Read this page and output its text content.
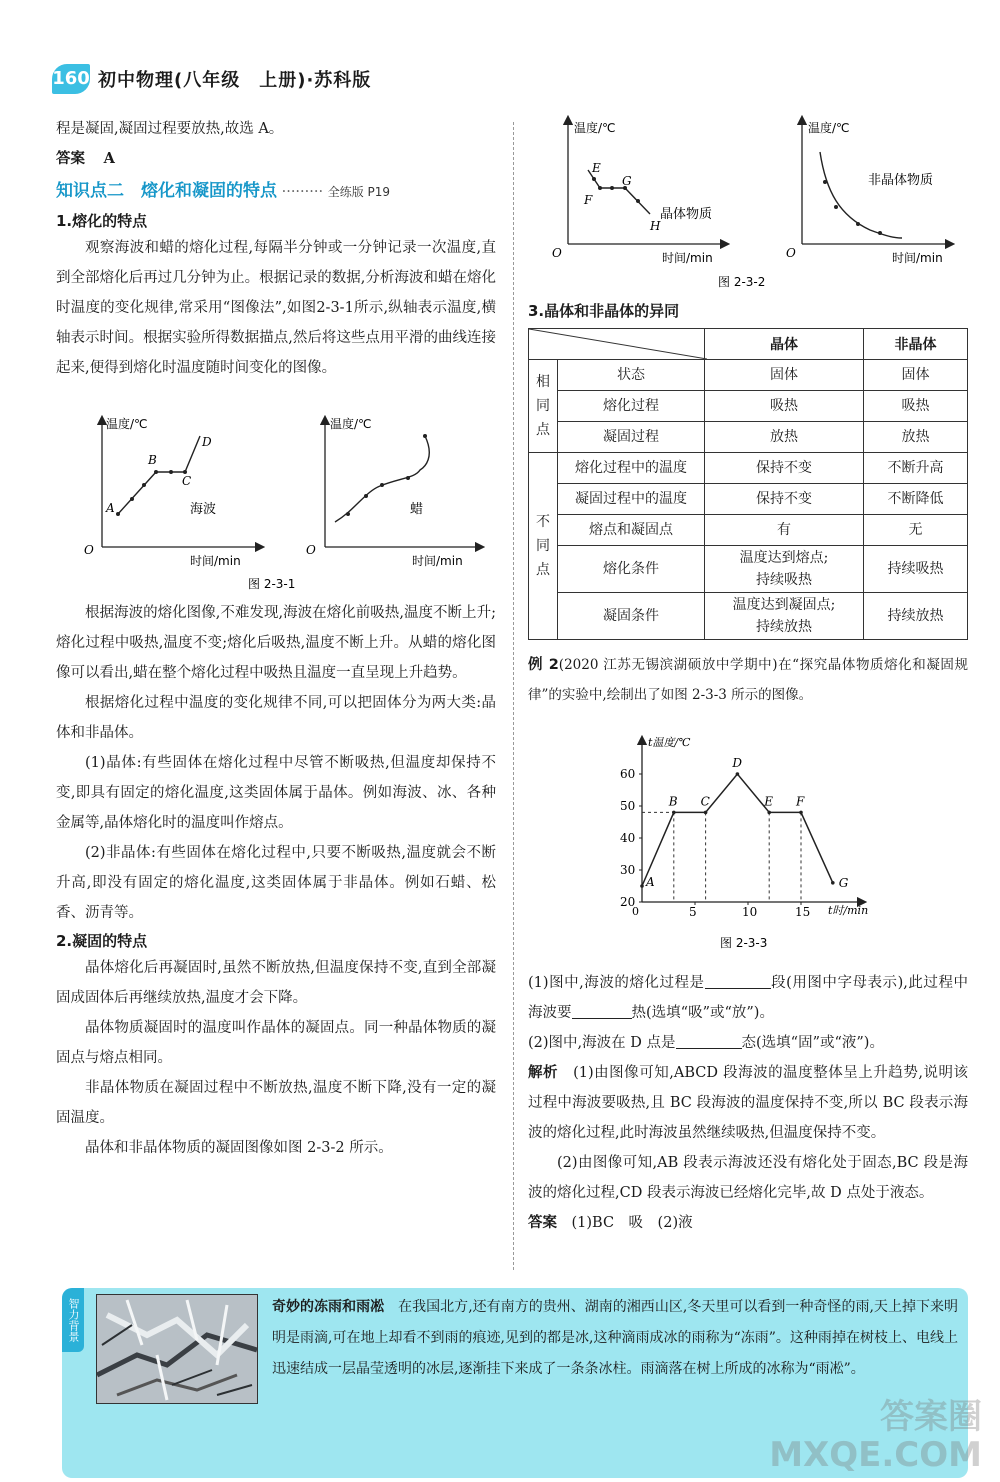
160 初中物理(八年级　上册)·苏科版

程是凝固,凝固过程要放热,故选 A。

答案 A
知识点二　熔化和凝固的特点 ········· 全练版 P19
1.熔化的特点

观察海波和蜡的熔化过程,每隔半分钟或一分钟记录一次温度,直到全部熔化后再过几分钟为止。根据记录的数据,分析海波和蜡在熔化时温度的变化规律,常采用“图像法”,如图2-3-1所示,纵轴表示温度,横轴表示时间。根据实验所得数据描点,然后将这些点用平滑的曲线连接起来,便得到熔化时温度随时间变化的图像。

温度/℃
时间/min
O
A
B
C
D
海波
温度/℃
时间/min
O
蜡
图 2-3-1

根据海波的熔化图像,不难发现,海波在熔化前吸热,温度不断上升;熔化过程中吸热,温度不变;熔化后吸热,温度不断上升。从蜡的熔化图像可以看出,蜡在整个熔化过程中吸热且温度一直呈现上升趋势。

根据熔化过程中温度的变化规律不同,可以把固体分为两大类:晶体和非晶体。

(1)晶体:有些固体在熔化过程中尽管不断吸热,但温度却保持不变,即具有固定的熔化温度,这类固体属于晶体。例如海波、冰、各种金属等,晶体熔化时的温度叫作熔点。

(2)非晶体:有些固体在熔化过程中,只要不断吸热,温度就会不断升高,即没有固定的熔化温度,这类固体属于非晶体。例如石蜡、松香、沥青等。

2.凝固的特点

晶体熔化后再凝固时,虽然不断放热,但温度保持不变,直到全部凝固成固体后再继续放热,温度才会下降。

晶体物质凝固时的温度叫作晶体的凝固点。同一种晶体物质的凝固点与熔点相同。

非晶体物质在凝固过程中不断放热,温度不断下降,没有一定的凝固温度。

晶体和非晶体物质的凝固图像如图 2-3-2 所示。

温度/℃
时间/min
O
E
F
G
H
晶体物质
温度/℃
时间/min
O
非晶体物质
图 2-3-2
3.晶体和非晶体的异同
	晶体	非晶体

相
同
点	状态	固体	固体

	熔化过程	吸热	吸热

	凝固过程	放热	放热

不
同
点	熔化过程中的温度	保持不变	不断升高

	凝固过程中的温度	保持不变	不断降低

	熔点和凝固点	有	无

	熔化条件	温度达到熔点;
持续吸热	持续吸热

	凝固条件	温度达到凝固点;
持续放热	持续放热

例 2(2020 江苏无锡滨湖硕放中学期中)在“探究晶体物质熔化和凝固规律”的实验中,绘制出了如图 2-3-3 所示的图像。

t温度/℃
t时/min
0
20
30
40
50
60
5	10	15
A
B C
D
E F
G
图 2-3-3

(1)图中,海波的熔化过程是	段(用图中字母表示),此过程中海波要	热(选填“吸”或“放”)。

(2)图中,海波在 D 点是	态(选填“固”或“液”)。

解析　 (1)由图像可知,ABCD 段海波的温度整体呈上升趋势,说明该过程中海波要吸热,且 BC 段海波的温度保持不变,所以 BC 段表示海波的熔化过程,此时海波虽然继续吸热,但温度保持不变。

(2)由图像可知,AB 段表示海波还没有熔化处于固态,BC 段是海波的熔化过程,CD 段表示海波已经熔化完毕,故 D 点处于液态。

答案　 (1)BC　吸　(2)液

智力背景	奇妙的冻雨和雨凇　 在我国北方,还有南方的贵州、湖南的湘西山区,冬天里可以看到一种奇怪的雨,天上掉下来明明是雨滴,可在地上却看不到雨的痕迹,见到的都是冰,这种滴雨成冰的雨称为“冻雨”。这种雨掉在树枝上、电线上迅速结成一层晶莹透明的冰层,逐渐挂下来成了一条条冰柱。雨滴落在树上所成的冰称为“雨凇”。
答案圈
MXQE.COM
